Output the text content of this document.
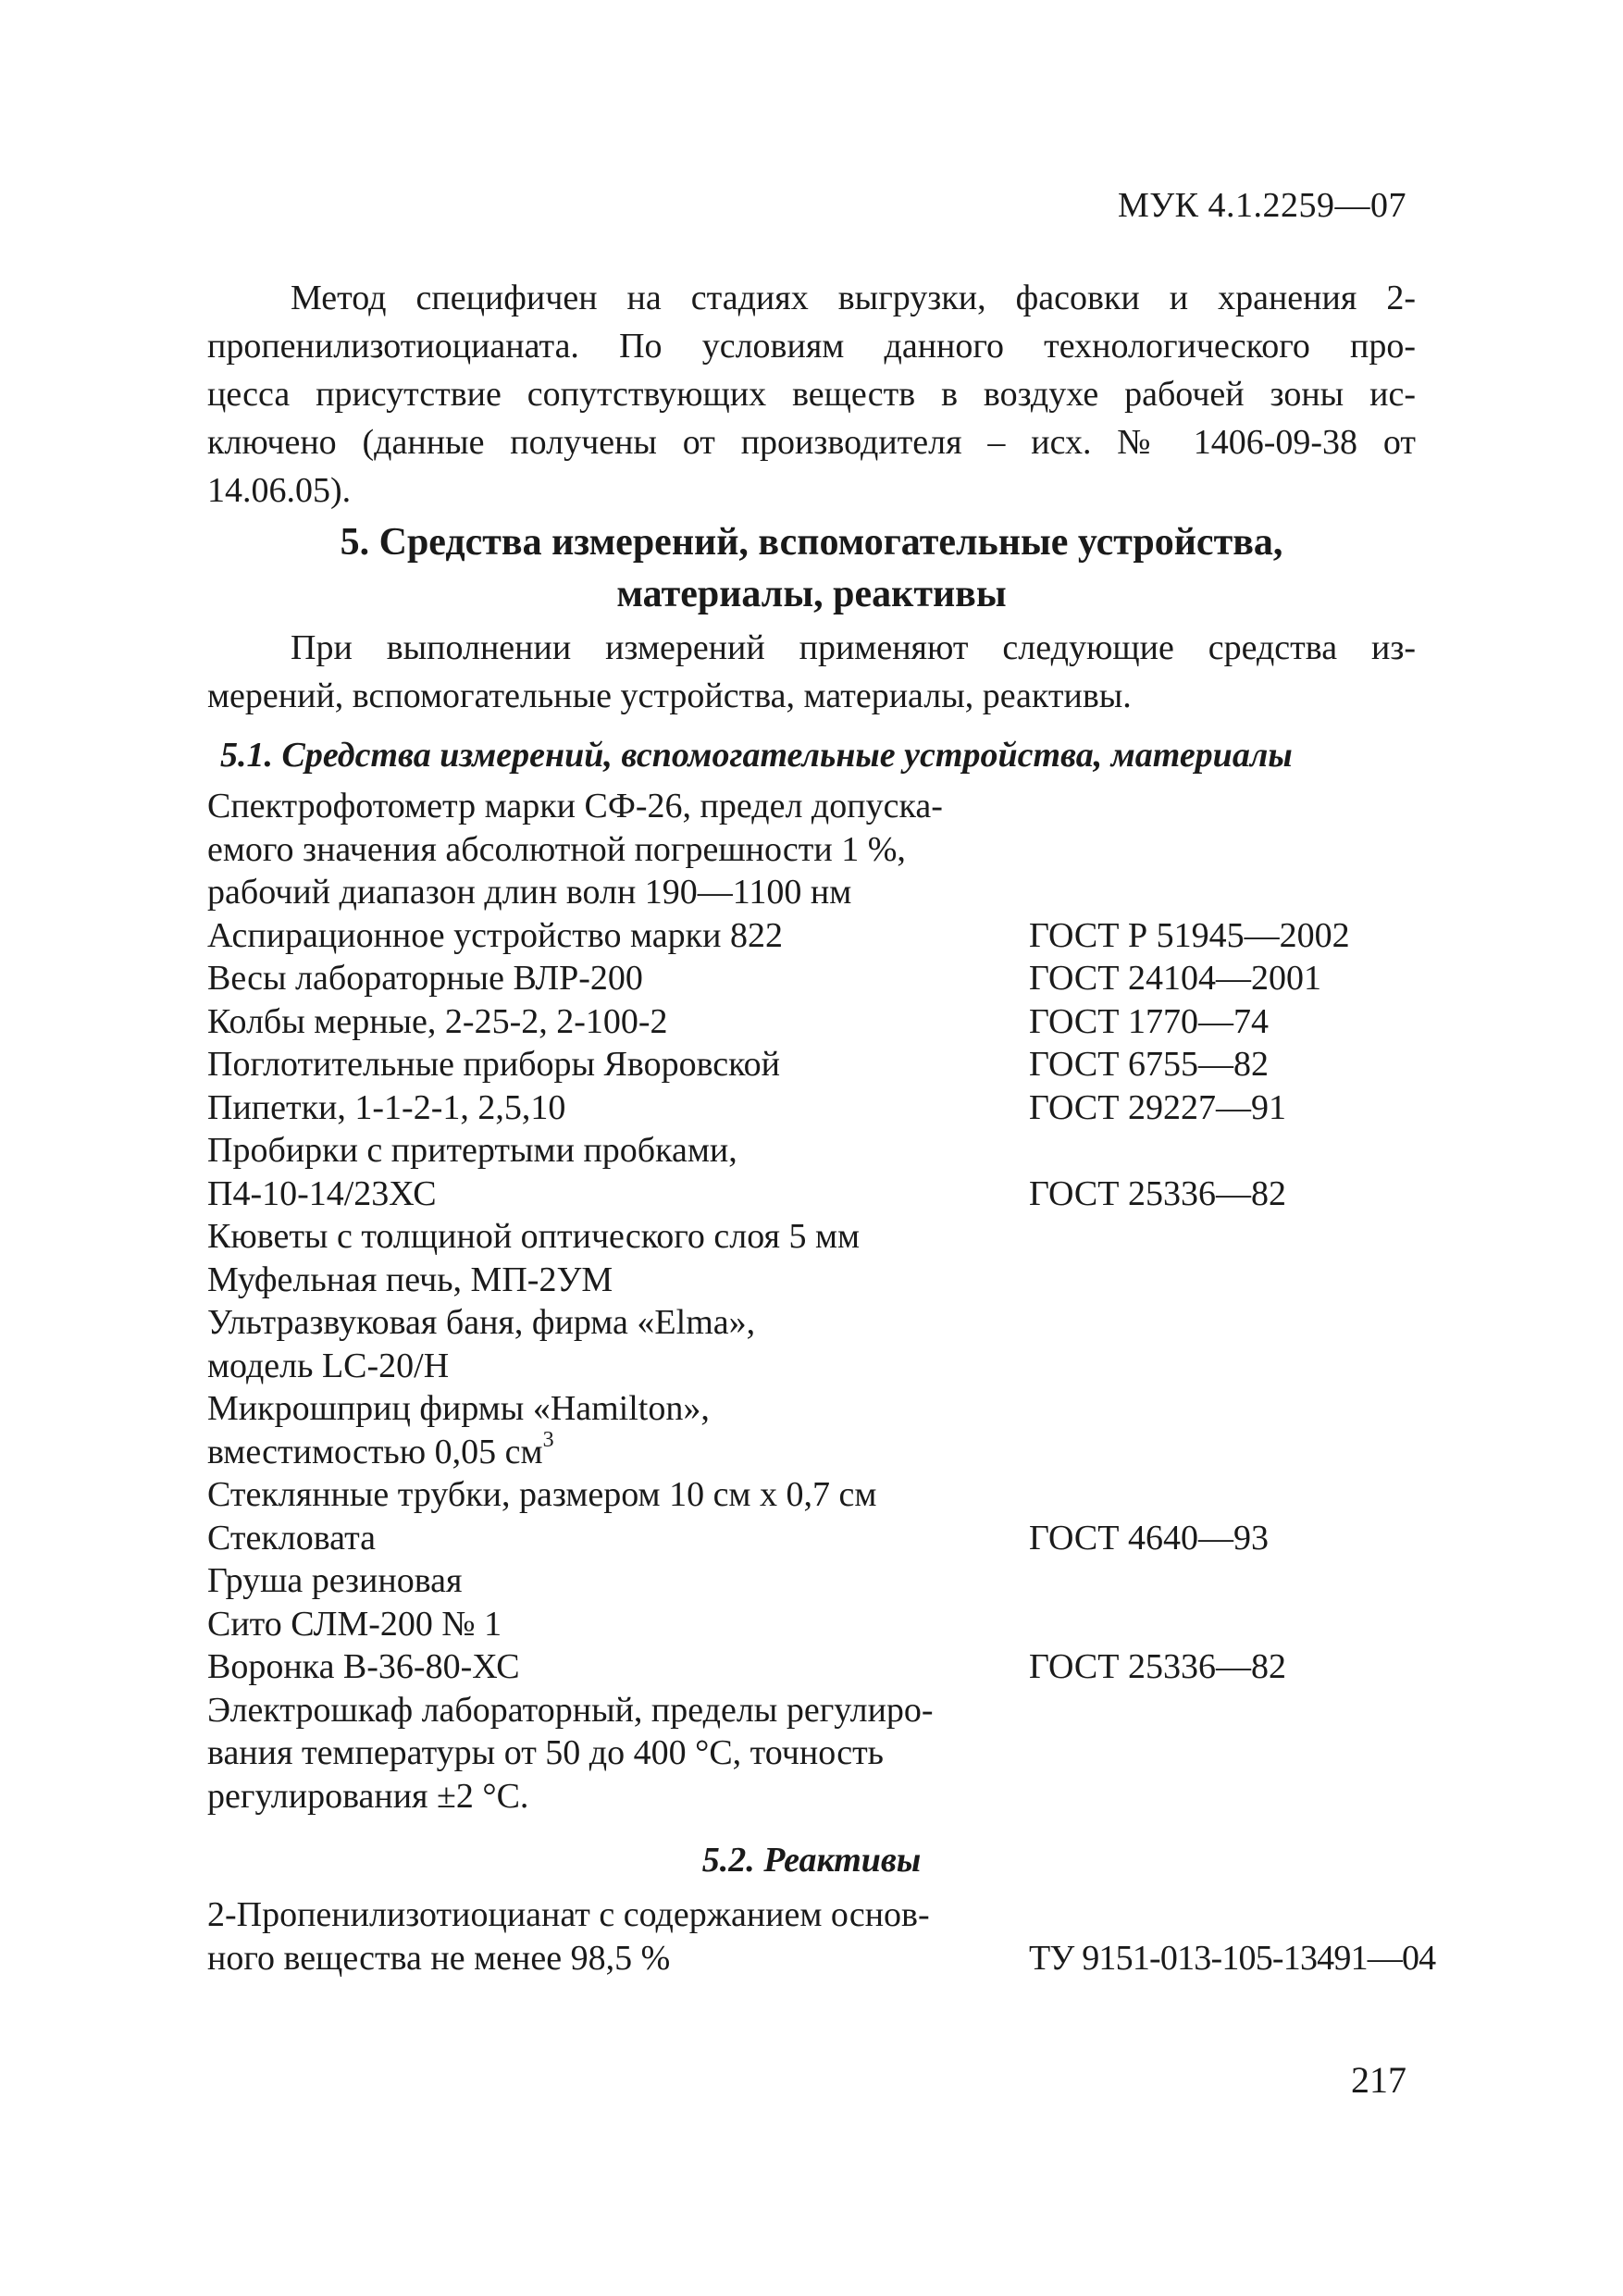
МУК 4.1.2259—07
Метод специфичен на стадиях выгрузки, фасовки и хранения 2-
пропенилизотиоцианата. По условиям данного технологического про-
цесса присутствие сопутствующих веществ в воздухе рабочей зоны ис-
ключено (данные получены от производителя – исх. № 1406-09-38 от
14.06.05).
5. Средства измерений, вспомогательные устройства,
материалы, реактивы
При выполнении измерений применяют следующие средства из-
мерений, вспомогательные устройства, материалы, реактивы.
5.1. Средства измерений, вспомогательные устройства, материалы
Спектрофотометр марки СФ-26, предел допуска-
емого значения абсолютной погрешности 1 %,
рабочий диапазон длин волн 190—1100 нм
Аспирационное устройство марки 822	ГОСТ Р 51945—2002
Весы лабораторные ВЛР-200	ГОСТ 24104—2001
Колбы мерные, 2-25-2, 2-100-2	ГОСТ 1770—74
Поглотительные приборы Яворовской	ГОСТ 6755—82
Пипетки, 1-1-2-1, 2,5,10	ГОСТ 29227—91
Пробирки с притертыми пробками,
П4-10-14/23ХС	ГОСТ 25336—82
Кюветы с толщиной оптического слоя 5 мм
Муфельная печь, МП-2УМ
Ультразвуковая баня, фирма «Elma»,
модель LC-20/H
Микрошприц фирмы «Hamilton»,
вместимостью 0,05 $см^3$
Стеклянные трубки, размером 10 см х 0,7 см
Стекловата	ГОСТ 4640—93
Груша резиновая
Сито СЛМ-200 № 1
Воронка В-36-80-ХС	ГОСТ 25336—82
Электрошкаф лабораторный, пределы регулиро-
вания температуры от 50 до 400 °С, точность
регулирования ±2 °С.
5.2. Реактивы
2-Пропенилизотиоцианат с содержанием основ-
ного вещества не менее 98,5 %	ТУ 9151-013-105-13491—04
217
